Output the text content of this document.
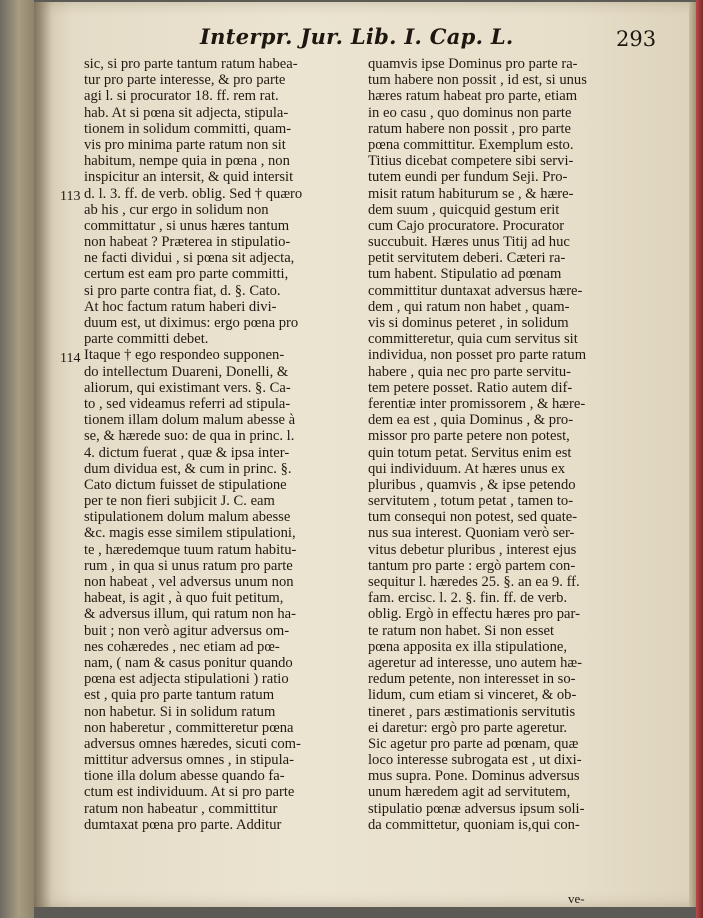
Interpr. Jur. Lib. I. Cap. L.	293
113
114
sic, si pro parte tantum ratum habea-
tur pro parte interesse, & pro parte
agi l. si procurator 18. ff. rem rat.
hab. At si pœna sit adjecta, stipula-
tionem in solidum committi, quam-
vis pro minima parte ratum non sit
habitum, nempe quia in pœna , non
inspicitur an intersit, & quid intersit
d. l. 3. ff. de verb. oblig. Sed † quæro
ab his , cur ergo in solidum non
committatur , si unus hæres tantum
non habeat ? Præterea in stipulatio-
ne facti dividui , si pœna sit adjecta,
certum est eam pro parte committi,
si pro parte contra fiat, d. §. Cato.
At hoc factum ratum haberi divi-
duum est, ut diximus: ergo pœna pro
parte committi debet.
Itaque † ego respondeo supponen-
do intellectum Duareni, Donelli, &
aliorum, qui existimant vers. §. Ca-
to , sed videamus referri ad stipula-
tionem illam dolum malum abesse à
se, & hærede suo: de qua in princ. l.
4. dictum fuerat , quæ & ipsa inter-
dum dividua est, & cum in princ. §.
Cato dictum fuisset de stipulatione
per te non fieri subjicit J. C. eam
stipulationem dolum malum abesse
&c. magis esse similem stipulationi,
te , hæredemque tuum ratum habitu-
rum , in qua si unus ratum pro parte
non habeat , vel adversus unum non
habeat, is agit , à quo fuit petitum,
& adversus illum, qui ratum non ha-
buit ; non verò agitur adversus om-
nes cohæredes , nec etiam ad pœ-
nam, ( nam & casus ponitur quando
pœna est adjecta stipulationi ) ratio
est , quia pro parte tantum ratum
non habetur. Si in solidum ratum
non haberetur , committeretur pœna
adversus omnes hæredes, sicuti com-
mittitur adversus omnes , in stipula-
tione illa dolum abesse quando fa-
ctum est individuum. At si pro parte
ratum non habeatur , committitur
dumtaxat pœna pro parte. Additur
quamvis ipse Dominus pro parte ra-
tum habere non possit , id est, si unus
hæres ratum habeat pro parte, etiam
in eo casu , quo dominus non parte
ratum habere non possit , pro parte
pœna committitur. Exemplum esto.
Titius dicebat competere sibi servi-
tutem eundi per fundum Seji. Pro-
misit ratum habiturum se , & hære-
dem suum , quicquid gestum erit
cum Cajo procuratore. Procurator
succubuit. Hæres unus Titij ad huc
petit servitutem deberi. Cæteri ra-
tum habent. Stipulatio ad pœnam
committitur duntaxat adversus hære-
dem , qui ratum non habet , quam-
vis si dominus peteret , in solidum
committeretur, quia cum servitus sit
individua, non posset pro parte ratum
habere , quia nec pro parte servitu-
tem petere posset. Ratio autem dif-
ferentiæ inter promissorem , & hære-
dem ea est , quia Dominus , & pro-
missor pro parte petere non potest,
quin totum petat. Servitus enim est
qui individuum. At hæres unus ex
pluribus , quamvis , & ipse petendo
servitutem , totum petat , tamen to-
tum consequi non potest, sed quate-
nus sua interest. Quoniam verò ser-
vitus debetur pluribus , interest ejus
tantum pro parte : ergò partem con-
sequitur l. hæredes 25. §. an ea 9. ff.
fam. ercisc. l. 2. §. fin. ff. de verb.
oblig. Ergò in effectu hæres pro par-
te ratum non habet. Si non esset
pœna apposita ex illa stipulatione,
ageretur ad interesse, uno autem hæ-
redum petente, non interesset in so-
lidum, cum etiam si vinceret, & ob-
tineret , pars æstimationis servitutis
ei daretur: ergò pro parte ageretur.
Sic agetur pro parte ad pœnam, quæ
loco interesse subrogata est , ut dixi-
mus supra. Pone. Dominus adversus
unum hæredem agit ad servitutem,
stipulatio pœnæ adversus ipsum soli-
da committetur, quoniam is,qui con-
ve-
